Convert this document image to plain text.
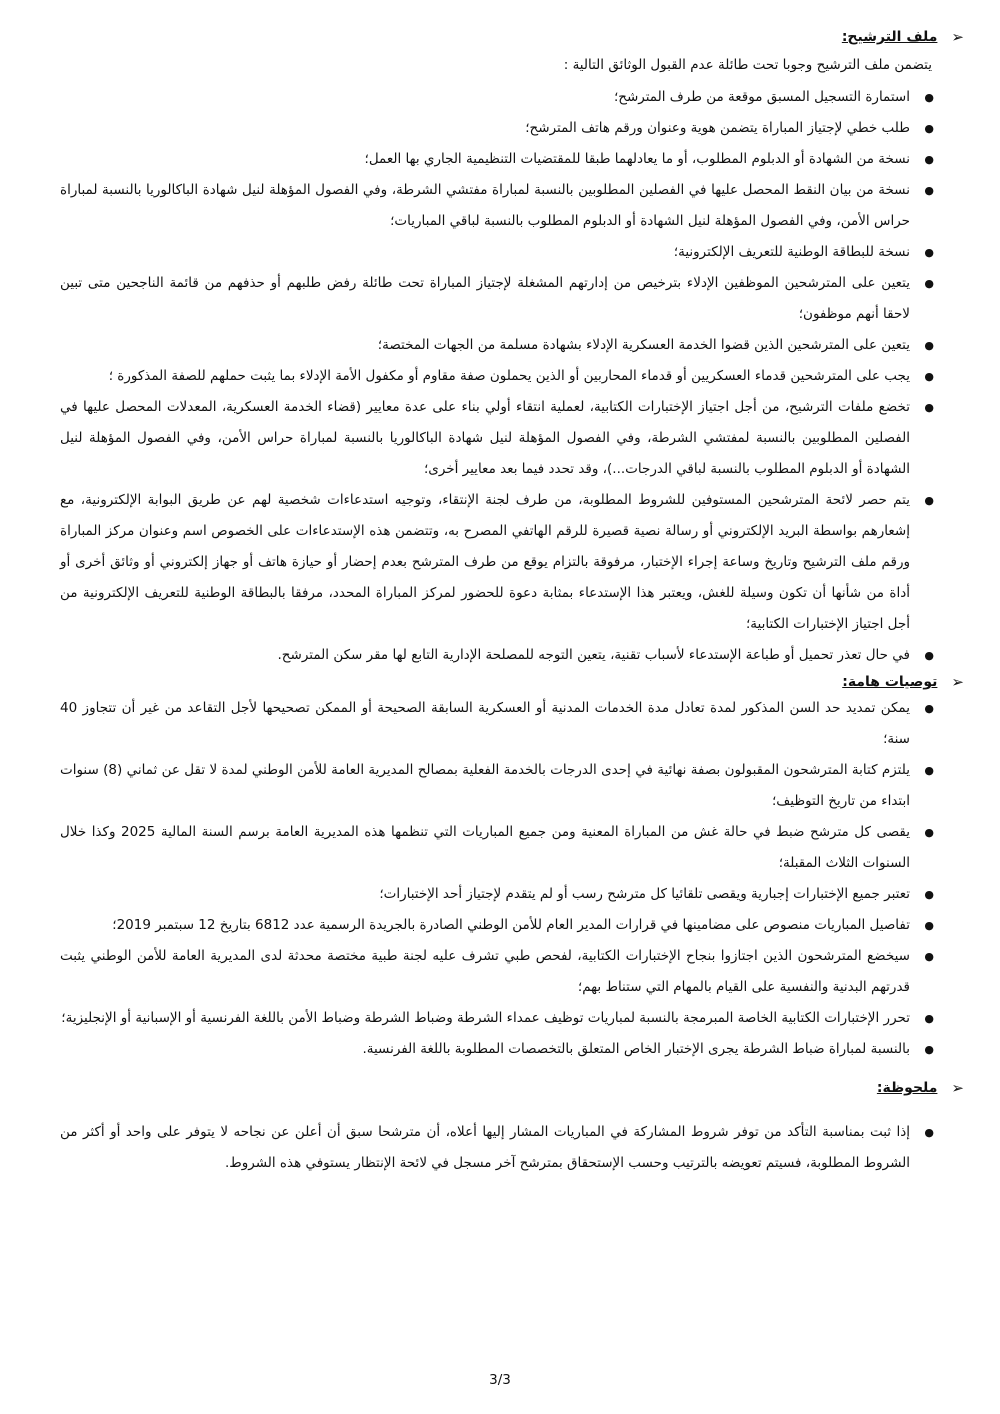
➢
ملف الترشيح:
يتضمن ملف الترشيح وجوبا تحت طائلة عدم القبول الوثائق التالية :
●
استمارة التسجيل المسبق موقعة من طرف المترشح؛
●
طلب خطي لإجتياز المباراة يتضمن هوية وعنوان ورقم هاتف المترشح؛
●
نسخة من الشهادة أو الدبلوم المطلوب، أو ما يعادلهما طبقا للمقتضيات التنظيمية الجاري بها العمل؛
●
نسخة من بيان النقط المحصل عليها في الفصلين المطلوبين بالنسبة لمباراة مفتشي الشرطة، وفي الفصول المؤهلة لنيل شهادة الباكالوريا بالنسبة لمباراة حراس الأمن، وفي الفصول المؤهلة لنيل الشهادة أو الدبلوم المطلوب بالنسبة لباقي المباريات؛
●
نسخة للبطاقة الوطنية للتعريف الإلكترونية؛
●
يتعين على المترشحين الموظفين الإدلاء بترخيص من إدارتهم المشغلة لإجتياز المباراة تحت طائلة رفض طلبهم أو حذفهم من قائمة الناجحين متى تبين لاحقا أنهم موظفون؛
●
يتعين على المترشحين الذين قضوا الخدمة العسكرية الإدلاء بشهادة مسلمة من الجهات المختصة؛
●
يجب على المترشحين قدماء العسكريين أو قدماء المحاربين أو الذين يحملون صفة مقاوم أو مكفول الأمة الإدلاء بما يثبت حملهم للصفة المذكورة ؛
●
تخضع ملفات الترشيح، من أجل اجتياز الإختبارات الكتابية، لعملية انتقاء أولي بناء على عدة معايير (قضاء الخدمة العسكرية، المعدلات المحصل عليها في الفصلين المطلوبين بالنسبة لمفتشي الشرطة، وفي الفصول المؤهلة لنيل شهادة الباكالوريا بالنسبة لمباراة حراس الأمن، وفي الفصول المؤهلة لنيل الشهادة أو الدبلوم المطلوب بالنسبة لباقي الدرجات...)، وقد تحدد فيما بعد معايير أخرى؛
●
يتم حصر لائحة المترشحين المستوفين للشروط المطلوبة، من طرف لجنة الإنتقاء، وتوجيه استدعاءات شخصية لهم عن طريق البوابة الإلكترونية، مع إشعارهم بواسطة البريد الإلكتروني أو رسالة نصية قصيرة للرقم الهاتفي المصرح به، وتتضمن هذه الإستدعاءات على الخصوص اسم وعنوان مركز المباراة ورقم ملف الترشيح وتاريخ وساعة إجراء الإختبار، مرفوقة بالتزام يوقع من طرف المترشح بعدم إحضار أو حيازة هاتف أو جهاز إلكتروني أو وثائق أخرى أو أداة من شأنها أن تكون وسيلة للغش، ويعتبر هذا الإستدعاء بمثابة دعوة للحضور لمركز المباراة المحدد، مرفقا بالبطاقة الوطنية للتعريف الإلكترونية من أجل اجتياز الإختبارات الكتابية؛
●
في حال تعذر تحميل أو طباعة الإستدعاء لأسباب تقنية، يتعين التوجه للمصلحة الإدارية التابع لها مقر سكن المترشح.
➢
توصيات هامة:
●
يمكن تمديد حد السن المذكور لمدة تعادل مدة الخدمات المدنية أو العسكرية السابقة الصحيحة أو الممكن تصحيحها لأجل التقاعد من غير أن تتجاوز 40 سنة؛
●
يلتزم كتابة المترشحون المقبولون بصفة نهائية في إحدى الدرجات بالخدمة الفعلية بمصالح المديرية العامة للأمن الوطني لمدة لا تقل عن ثماني (8) سنوات ابتداء من تاريخ التوظيف؛
●
يقصى كل مترشح ضبط في حالة غش من المباراة المعنية ومن جميع المباريات التي تنظمها هذه المديرية العامة برسم السنة المالية 2025 وكذا خلال السنوات الثلاث المقبلة؛
●
تعتبر جميع الإختبارات إجبارية ويقصى تلقائيا كل مترشح رسب أو لم يتقدم لإجتياز أحد الإختبارات؛
●
تفاصيل المباريات منصوص على مضامينها في قرارات المدير العام للأمن الوطني الصادرة بالجريدة الرسمية عدد 6812 بتاريخ 12 سبتمبر 2019؛
●
سيخضع المترشحون الذين اجتازوا بنجاح الإختبارات الكتابية، لفحص طبي تشرف عليه لجنة طبية مختصة محدثة لدى المديرية العامة للأمن الوطني يثبت قدرتهم البدنية والنفسية على القيام بالمهام التي ستناط بهم؛
●
تحرر الإختبارات الكتابية الخاصة المبرمجة بالنسبة لمباريات توظيف عمداء الشرطة وضباط الشرطة وضباط الأمن باللغة الفرنسية أو الإسبانية أو الإنجليزية؛
●
بالنسبة لمباراة ضباط الشرطة يجرى الإختبار الخاص المتعلق بالتخصصات المطلوبة باللغة الفرنسية.
➢
ملحوظة:
●
إذا ثبت بمناسبة التأكد من توفر شروط المشاركة في المباريات المشار إليها أعلاه، أن مترشحا سبق أن أعلن عن نجاحه لا يتوفر على واحد أو أكثر من الشروط المطلوبة، فسيتم تعويضه بالترتيب وحسب الإستحقاق بمترشح آخر مسجل في لائحة الإنتظار يستوفي هذه الشروط.
3/3
